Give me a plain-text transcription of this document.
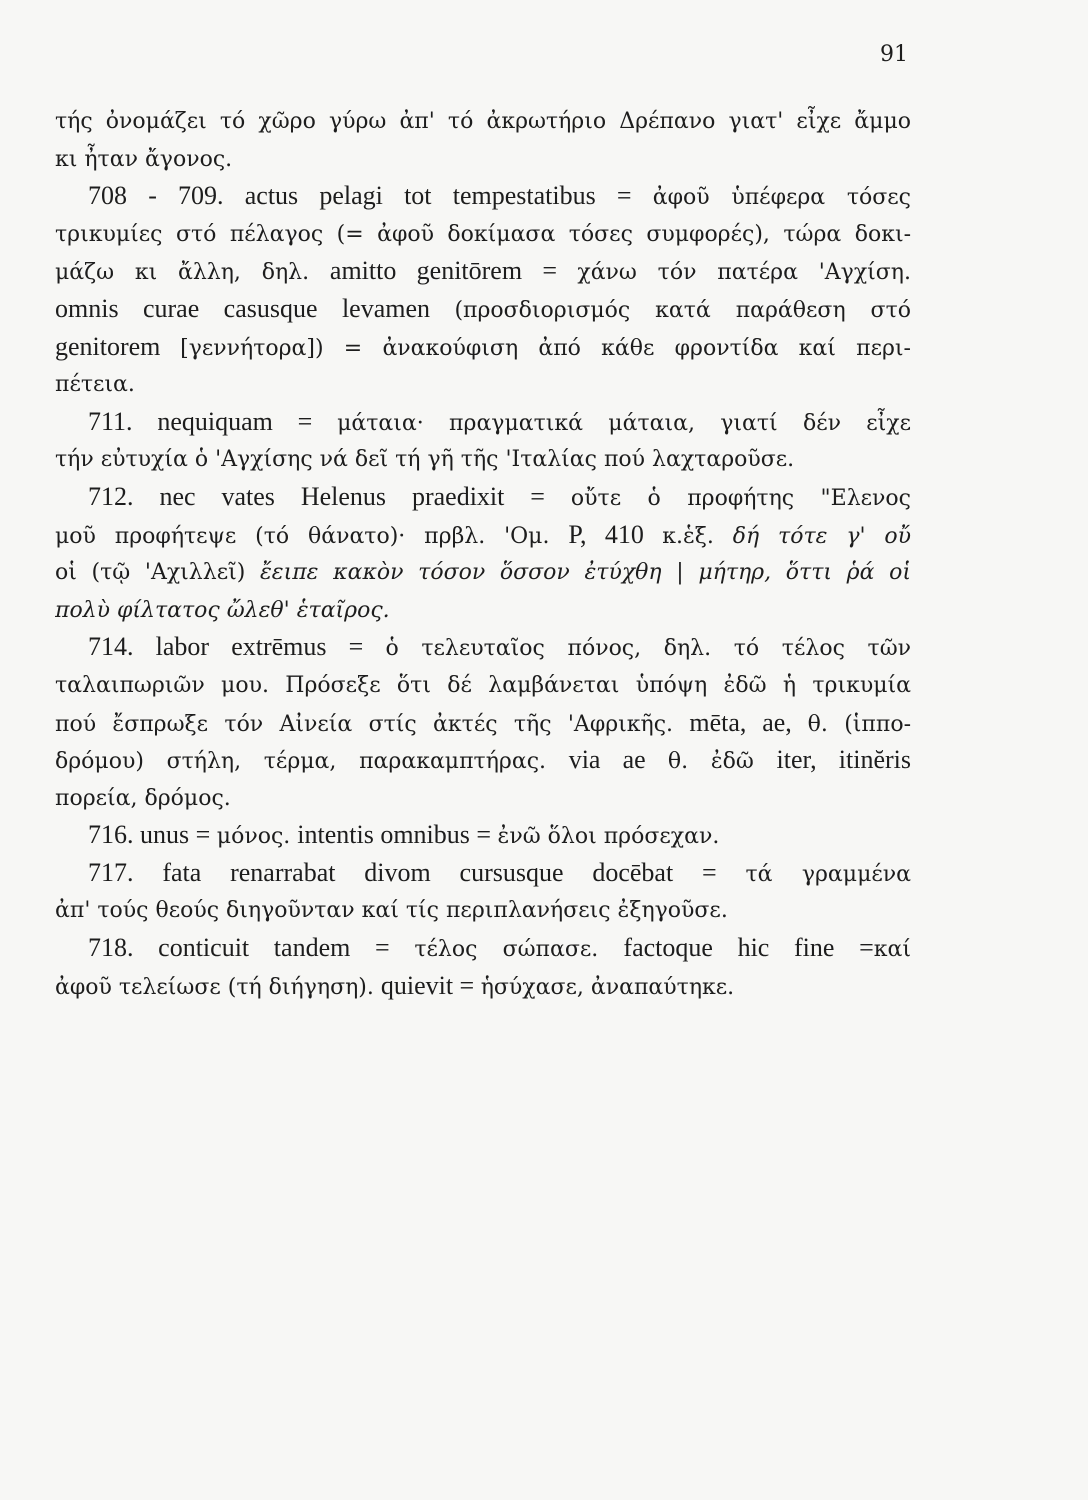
91
τής ὀνομάζει τό χῶρο γύρω ἀπ' τό ἀκρωτήριο Δρέπανο γιατ' εἶχε ἄμμο
κι ἦταν ἄγονος.
708 - 709. actus pelagi tot tempestatibus = ἀφοῦ ὑπέφερα τόσες
τρικυμίες στό πέλαγος (= ἀφοῦ δοκίμασα τόσες συμφορές), τώρα δοκι-
μάζω κι ἄλλη, δηλ. amitto genitōrem = χάνω τόν πατέρα 'Αγχίση.
omnis curae casusque levamen (προσδιορισμός κατά παράθεση στό
genitorem [γεννήτορα]) = ἀνακούφιση ἀπό κάθε φροντίδα καί περι-
πέτεια.
711. nequiquam = μάταια· πραγματικά μάταια, γιατί δέν εἶχε
τήν εὐτυχία ὁ 'Αγχίσης νά δεῖ τή γῆ τῆς 'Ιταλίας πού λαχταροῦσε.
712. nec vates Helenus praedixit = οὔτε ὁ προφήτης "Ελενος
μοῦ προφήτεψε (τό θάνατο)· πρβλ. 'Ομ. P, 410 κ.ἑξ. δή τότε γ' οὔ
οἱ (τῷ 'Αχιλλεῖ) ἔειπε κακὸν τόσον ὅσσον ἐτύχθη | μήτηρ, ὅττι ῥά οἱ
πολὺ φίλτατος ὤλεθ' ἑταῖρος.
714. labor extrēmus = ὁ τελευταῖος πόνος, δηλ. τό τέλος τῶν
ταλαιπωριῶν μου. Πρόσεξε ὅτι δέ λαμβάνεται ὑπόψη ἐδῶ ἡ τρικυμία
πού ἔσπρωξε τόν Αἰνεία στίς ἀκτές τῆς 'Αφρικῆς. mēta, ae, θ. (ἱππο-
δρόμου) στήλη, τέρμα, παρακαμπτήρας. via ae θ. ἐδῶ iter, itinĕris
πορεία, δρόμος.
716. unus = μόνος. intentis omnibus = ἐνῶ ὅλοι πρόσεχαν.
717. fata renarrabat divom cursusque docēbat = τά γραμμένα
ἀπ' τούς θεούς διηγοῦνταν καί τίς περιπλανήσεις ἐξηγοῦσε.
718. conticuit tandem = τέλος σώπασε. factoque hic fine =καί
ἀφοῦ τελείωσε (τή διήγηση). quievit = ἡσύχασε, ἀναπαύτηκε.
